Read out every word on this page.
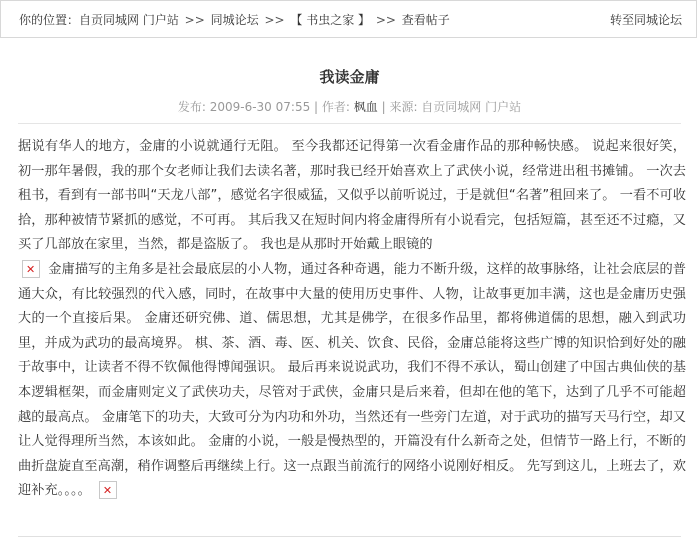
你的位置：自贡同城网 门户站 >> 同城论坛 >> 【 书虫之家 】 >> 查看帖子	转至同城论坛
我读金庸
发布: 2009-6-30 07:55 | 作者: 枫血 | 来源: 自贡同城网 门户站
据说有华人的地方，金庸的小说就通行无阻。 至今我都还记得第一次看金庸作品的那种畅快感。 说起来很好笑，初一那年暑假，我的那个女老师让我们去读名著，那时我已经开始喜欢上了武侠小说，经常进出租书摊铺。 一次去租书，看到有一部书叫“天龙八部”，感觉名字很威猛，又似乎以前听说过，于是就但“名著”租回来了。 一看不可收拾，那种被情节紧抓的感觉，不可再。 其后我又在短时间内将金庸得所有小说看完，包括短篇，甚至还不过瘾，又买了几部放在家里，当然，都是盗版了。 我也是从那时开始戴上眼镜的
✕ 金庸描写的主角多是社会最底层的小人物，通过各种奇遇，能力不断升级，这样的故事脉络，让社会底层的普通大众，有比较强烈的代入感，同时，在故事中大量的使用历史事件、人物，让故事更加丰满，这也是金庸历史强大的一个直接后果。 金庸还研究佛、道、儒思想，尤其是佛学，在很多作品里，都将佛道儒的思想，融入到武功里，并成为武功的最高境界。 棋、茶、酒、毒、医、机关、饮食、民俗，金庸总能将这些广博的知识恰到好处的融于故事中，让读者不得不钦佩他得博闻强识。 最后再来说说武功，我们不得不承认，蜀山创建了中国古典仙侠的基本逻辑框架，而金庸则定义了武侠功夫，尽管对于武侠，金庸只是后来着，但却在他的笔下，达到了几乎不可能超越的最高点。 金庸笔下的功夫，大致可分为内功和外功，当然还有一些旁门左道，对于武功的描写天马行空，却又让人觉得理所当然，本该如此。 金庸的小说，一般是慢热型的，开篇没有什么新奇之处，但情节一路上行，不断的曲折盘旋直至高潮，稍作调整后再继续上行。这一点跟当前流行的网络小说刚好相反。 先写到这儿，上班去了，欢迎补充。。。。✕
